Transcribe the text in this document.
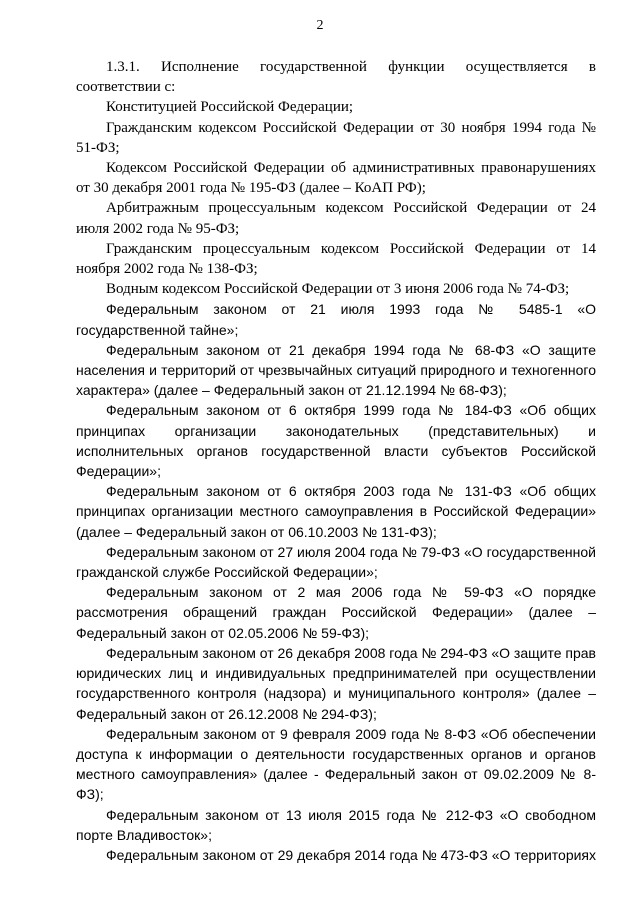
2

1.3.1. Исполнение государственной функции осуществляется в соответствии с:

Конституцией Российской Федерации;

Гражданским кодексом Российской Федерации от 30 ноября 1994 года № 51-ФЗ;

Кодексом Российской Федерации об административных правонарушениях от 30 декабря 2001 года № 195-ФЗ (далее – КоАП РФ);

Арбитражным процессуальным кодексом Российской Федерации от 24 июля 2002 года № 95-ФЗ;

Гражданским процессуальным кодексом Российской Федерации от 14 ноября 2002 года № 138-ФЗ;

Водным кодексом Российской Федерации от 3 июня 2006 года № 74-ФЗ;

Федеральным законом от 21 июля 1993 года № 5485-1 «О государственной тайне»;

Федеральным законом от 21 декабря 1994 года № 68-ФЗ «О защите населения и территорий от чрезвычайных ситуаций природного и техногенного характера» (далее – Федеральный закон от 21.12.1994 № 68-ФЗ);

Федеральным законом от 6 октября 1999 года № 184-ФЗ «Об общих принципах организации законодательных (представительных) и исполнительных органов государственной власти субъектов Российской Федерации»;

Федеральным законом от 6 октября 2003 года № 131-ФЗ «Об общих принципах организации местного самоуправления в Российской Федерации» (далее – Федеральный закон от 06.10.2003 № 131-ФЗ);

Федеральным законом от 27 июля 2004 года № 79-ФЗ «О государственной гражданской службе Российской Федерации»;

Федеральным законом от 2 мая 2006 года № 59-ФЗ «О порядке рассмотрения обращений граждан Российской Федерации» (далее – Федеральный закон от 02.05.2006 № 59-ФЗ);

Федеральным законом от 26 декабря 2008 года № 294-ФЗ «О защите прав юридических лиц и индивидуальных предпринимателей при осуществлении государственного контроля (надзора) и муниципального контроля» (далее – Федеральный закон от 26.12.2008 № 294-ФЗ);

Федеральным законом от 9 февраля 2009 года № 8-ФЗ «Об обеспечении доступа к информации о деятельности государственных органов и органов местного самоуправления» (далее - Федеральный закон от 09.02.2009 № 8-ФЗ);

Федеральным законом от 13 июля 2015 года № 212-ФЗ «О свободном порте Владивосток»;

Федеральным законом от 29 декабря 2014 года № 473-ФЗ «О территориях
